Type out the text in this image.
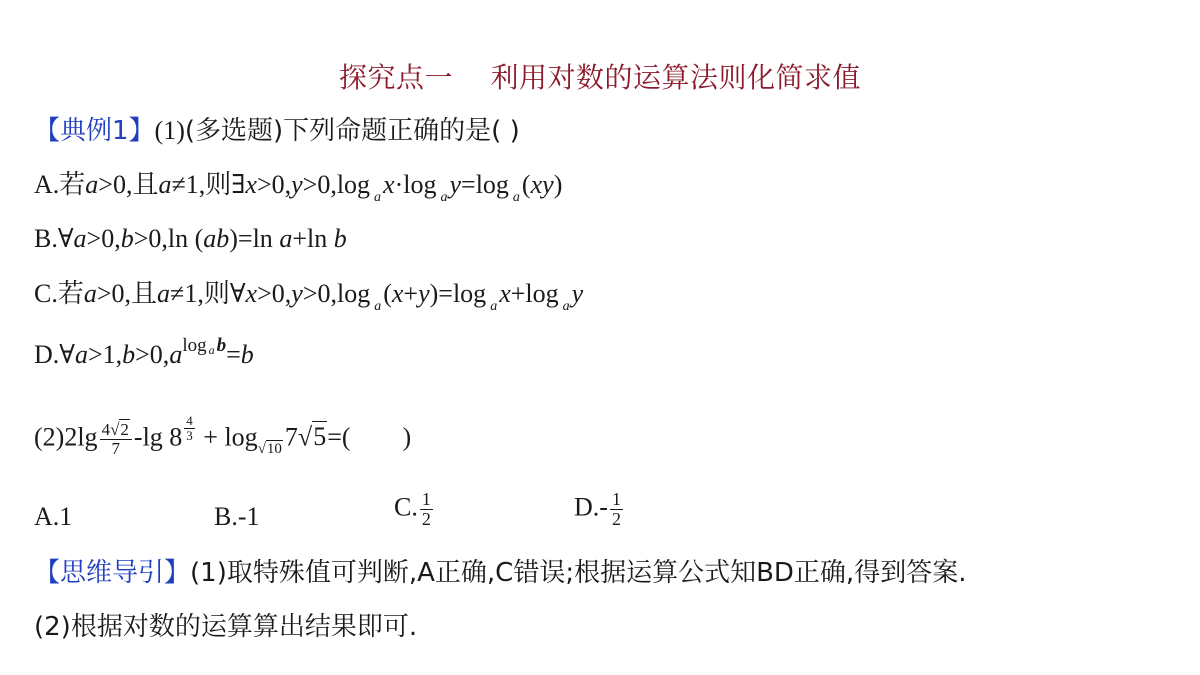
探究点一    利用对数的运算法则化简求值
【典例1】(1)(多选题)下列命题正确的是( )
A.若a>0,且a≠1,则∃x>0,y>0,log $_a$x·log $_a$y=log $_a$(xy)
B.∀a>0,b>0,ln (ab)=ln a+ln b
C.若a>0,且a≠1,则∀x>0,y>0,log $_a$(x+y)=log $_a$x+log $_a$y
$D.\forall a>1,b>0,a^{log a b}=b$
$(2)2\lg \frac{4√2}{7} -\lg$ 8 $^{\frac{4}{3}} + \log_{√10} 7√5=$(        )
A.1	B.-1	C. $\frac{1}{2}$	$D.- \frac{1}{2}$
【思维导引】(1)取特殊值可判断,A正确,C错误;根据运算公式知BD正确,得到答案.
(2)根据对数的运算算出结果即可.
